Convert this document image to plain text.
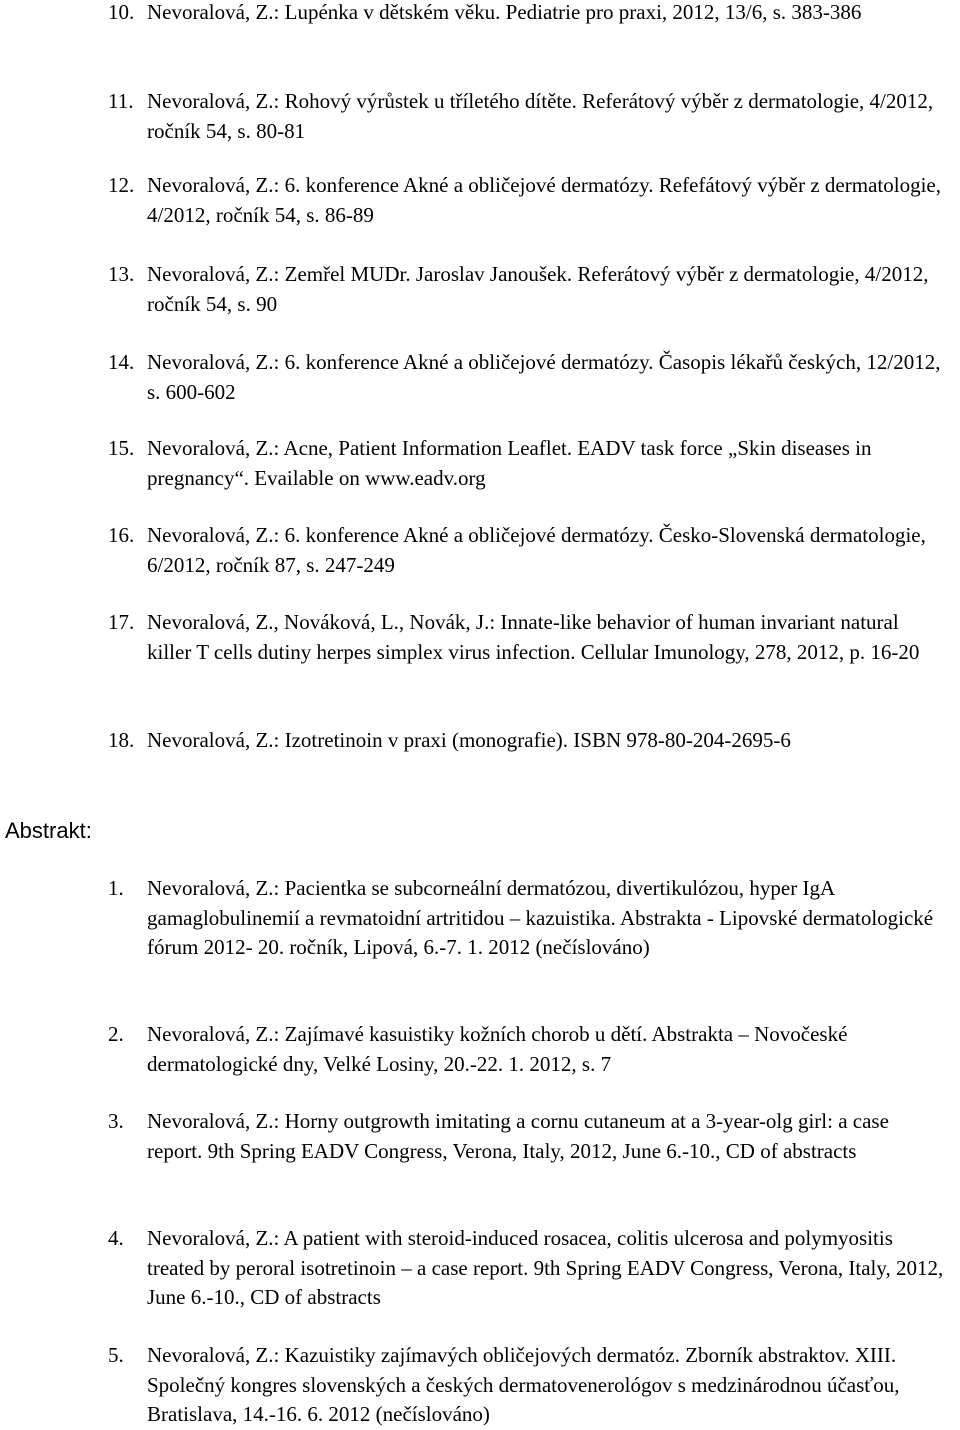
10. Nevoralová, Z.: Lupénka v dětském věku. Pediatrie pro praxi, 2012, 13/6, s. 383-386
11. Nevoralová, Z.: Rohový výrůstek u tříletého dítěte. Referátový výběr z dermatologie, 4/2012, ročník 54, s. 80-81
12. Nevoralová, Z.: 6. konference Akné a obličejové dermatózy. Refefátový výběr z dermatologie, 4/2012, ročník 54, s. 86-89
13. Nevoralová, Z.: Zemřel MUDr. Jaroslav Janoušek. Referátový výběr z dermatologie, 4/2012, ročník 54, s. 90
14. Nevoralová, Z.: 6. konference Akné a obličejové dermatózy. Časopis lékařů českých, 12/2012, s. 600-602
15. Nevoralová, Z.: Acne, Patient Information Leaflet. EADV task force „Skin diseases in pregnancy“. Evailable on www.eadv.org
16. Nevoralová, Z.: 6. konference Akné a obličejové dermatózy. Česko-Slovenská dermatologie, 6/2012, ročník 87, s. 247-249
17. Nevoralová, Z., Nováková, L., Novák, J.: Innate-like behavior of human invariant natural killer T cells dutiny herpes simplex virus infection. Cellular Imunology, 278, 2012, p. 16-20
18. Nevoralová, Z.: Izotretinoin v praxi (monografie). ISBN 978-80-204-2695-6
Abstrakt:
1.	Nevoralová, Z.: Pacientka se subcorneální dermatózou, divertikulózou, hyper IgA gamaglobulinemií a revmatoidní artritidou – kazuistika. Abstrakta - Lipovské dermatologické fórum 2012- 20. ročník, Lipová, 6.-7. 1. 2012 (nečíslováno)
2.	Nevoralová, Z.: Zajímavé kasuistiky kožních chorob u dětí. Abstrakta – Novočeské dermatologické dny, Velké Losiny, 20.-22. 1. 2012, s. 7
3.	Nevoralová, Z.: Horny outgrowth imitating a cornu cutaneum at a 3-year-olg girl: a case report. 9th Spring EADV Congress, Verona, Italy, 2012, June 6.-10., CD of abstracts
4.	Nevoralová, Z.: A patient with steroid-induced rosacea, colitis ulcerosa and polymyositis treated by peroral isotretinoin – a case report. 9th Spring EADV Congress, Verona, Italy, 2012, June 6.-10., CD of abstracts
5.	Nevoralová, Z.: Kazuistiky zajímavých obličejových dermatóz. Zborník abstraktov. XIII. Společný kongres slovenských a českých dermatovenerológov s medzinárodnou účasťou, Bratislava, 14.-16. 6. 2012 (nečíslováno)
